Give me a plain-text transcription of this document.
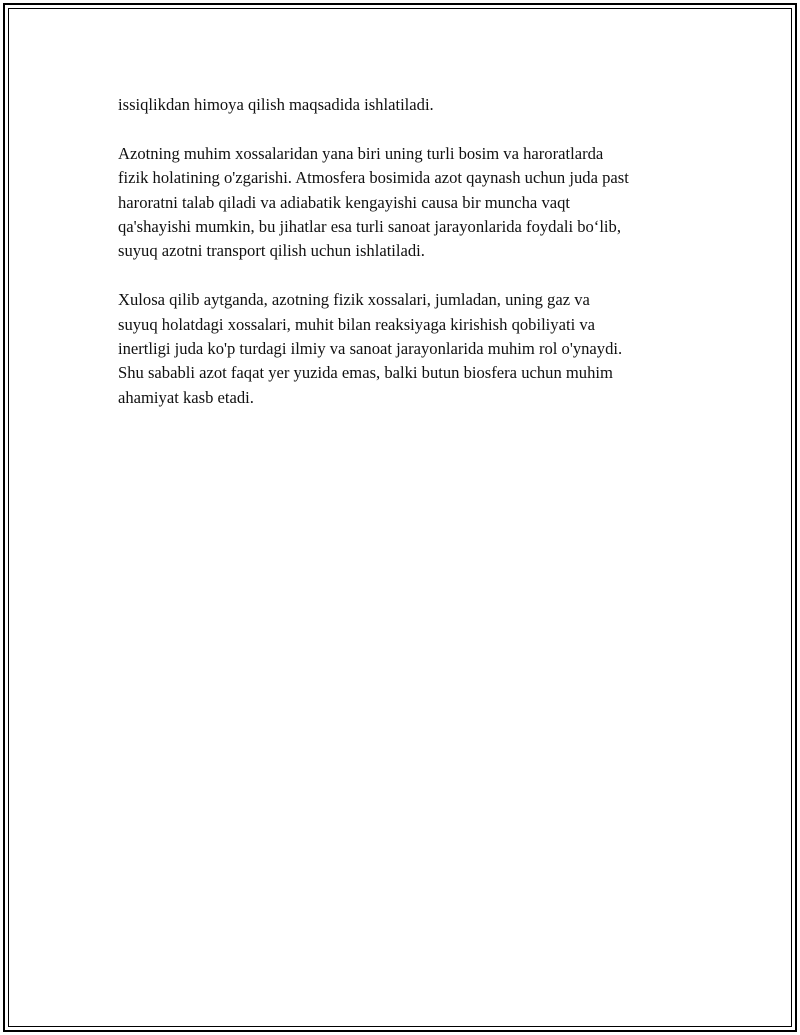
issiqlikdan himoya qilish maqsadida ishlatiladi.

Azotning muhim xossalaridan yana biri uning turli bosim va haroratlarda
fizik holatining o'zgarishi. Atmosfera bosimida azot qaynash uchun juda past
haroratni talab qiladi va adiabatik kengayishi causa bir muncha vaqt
qa'shayishi mumkin, bu jihatlar esa turli sanoat jarayonlarida foydali bo‘lib,
suyuq azotni transport qilish uchun ishlatiladi.

Xulosa qilib aytganda, azotning fizik xossalari, jumladan, uning gaz va
suyuq holatdagi xossalari, muhit bilan reaksiyaga kirishish qobiliyati va
inertligi juda ko'p turdagi ilmiy va sanoat jarayonlarida muhim rol o'ynaydi.
Shu sababli azot faqat yer yuzida emas, balki butun biosfera uchun muhim
ahamiyat kasb etadi.
